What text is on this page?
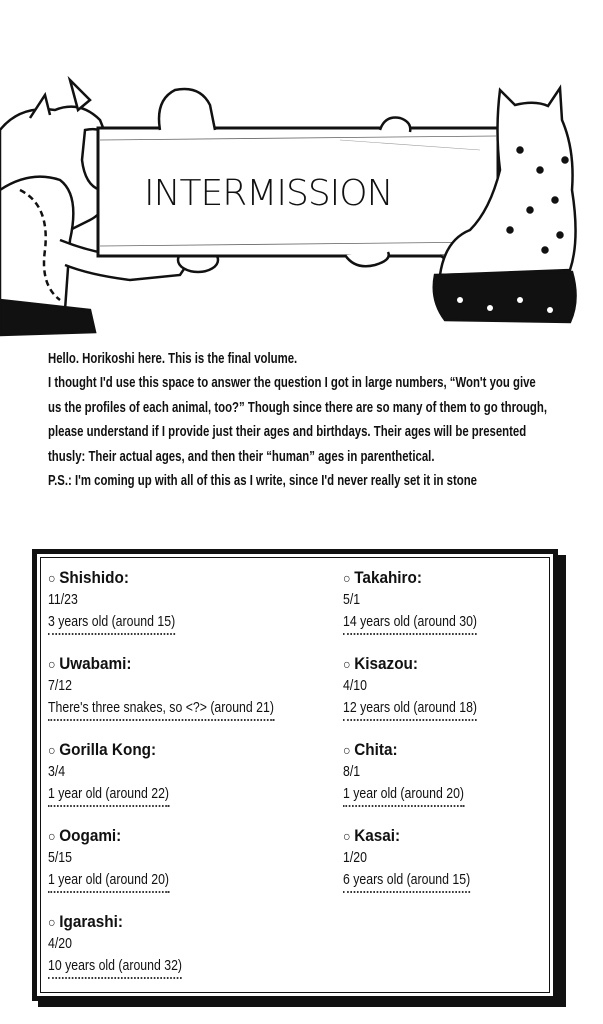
INTERMISSION

Hello. Horikoshi here. This is the final volume.

I thought I'd use this space to answer the question I got in large numbers, “Won't you give us the profiles of each animal, too?” Though since there are so many of them to go through, please understand if I provide just their ages and birthdays. Their ages will be presented thusly: Their actual ages, and then their “human” ages in parenthetical.

P.S.: I'm coming up with all of this as I write, since I'd never really set it in stone

○ Shishido:
11/23
3 years old (around 15)
○ Uwabami:
7/12
There's three snakes, so <?> (around 21)
○ Gorilla Kong:
3/4
1 year old (around 22)
○ Oogami:
5/15
1 year old (around 20)
○ Igarashi:
4/20
10 years old (around 32)
○ Takahiro:
5/1
14 years old (around 30)
○ Kisazou:
4/10
12 years old (around 18)
○ Chita:
8/1
1 year old (around 20)
○ Kasai:
1/20
6 years old (around 15)
